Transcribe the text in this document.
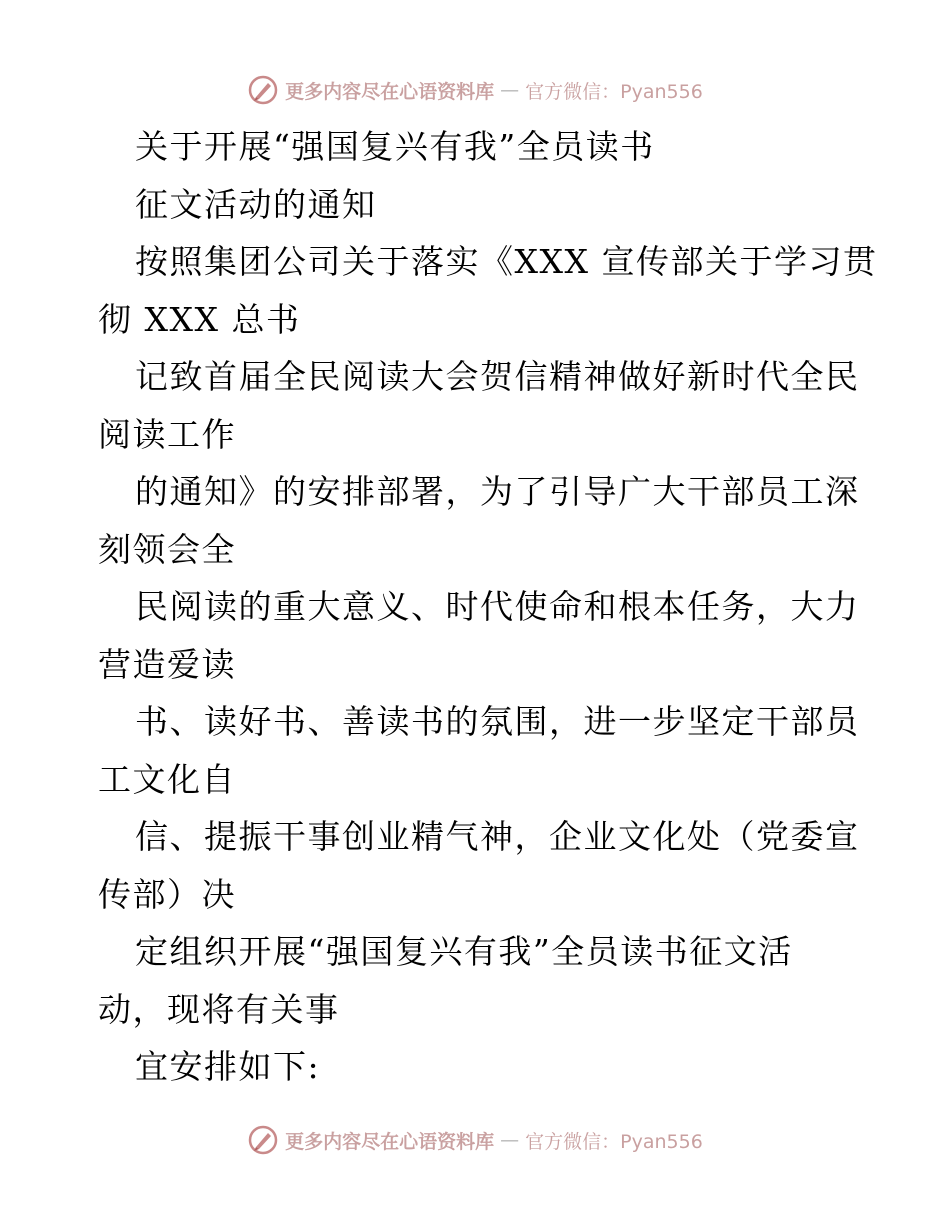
更多内容尽在心语资料库 — 官方微信：Pyan556
关于开展“强国复兴有我”全员读书
征文活动的通知
按照集团公司关于落实《XXX 宣传部关于学习贯
彻 XXX 总书
记致首届全民阅读大会贺信精神做好新时代全民
阅读工作
的通知》的安排部署，为了引导广大干部员工深
刻领会全
民阅读的重大意义、时代使命和根本任务，大力
营造爱读
书、读好书、善读书的氛围，进一步坚定干部员
工文化自
信、提振干事创业精气神，企业文化处（党委宣
传部）决
定组织开展“强国复兴有我”全员读书征文活
动，现将有关事
宜安排如下:
更多内容尽在心语资料库 — 官方微信：Pyan556
